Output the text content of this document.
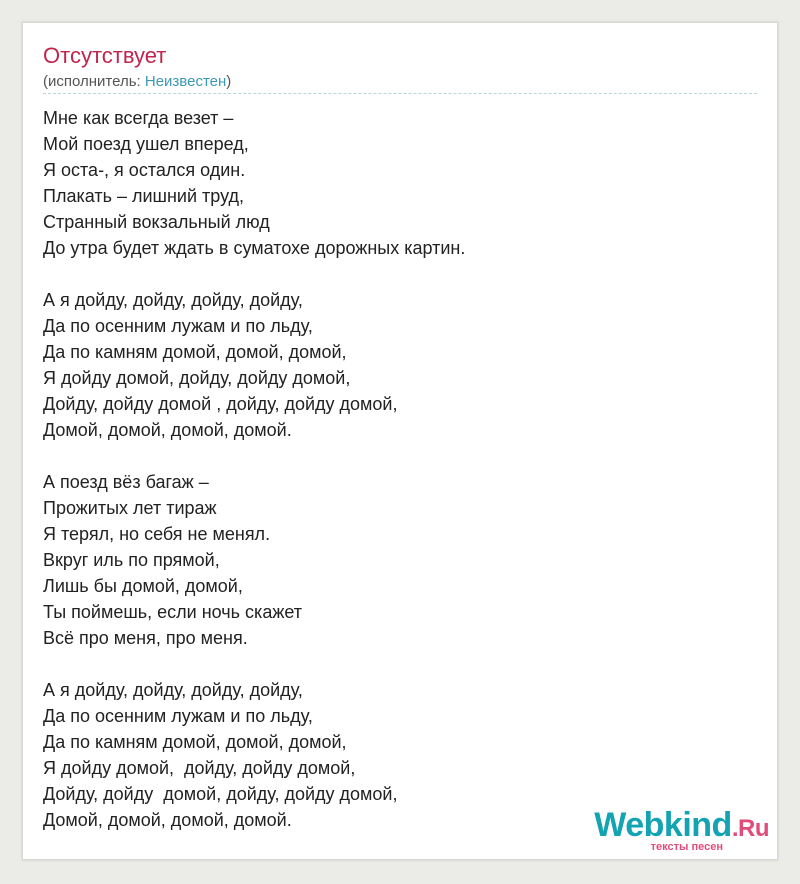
Отсутствует
(исполнитель: Неизвестен)
Мне как всегда везет –
Мой поезд ушел вперед,
Я оста-, я остался один.
Плакать – лишний труд,
Странный вокзальный люд
До утра будет ждать в суматохе дорожных картин.
А я дойду, дойду, дойду, дойду,
Да по осенним лужам и по льду,
Да по камням домой, домой, домой,
Я дойду домой, дойду, дойду домой,
Дойду, дойду домой , дойду, дойду домой,
Домой, домой, домой, домой.
А поезд вёз багаж –
Прожитых лет тираж
Я терял, но себя не менял.
Вкруг иль по прямой,
Лишь бы домой, домой,
Ты поймешь, если ночь скажет
Всё про меня, про меня.
А я дойду, дойду, дойду, дойду,
Да по осенним лужам и по льду,
Да по камням домой, домой, домой,
Я дойду домой,  дойду, дойду домой,
Дойду, дойду  домой, дойду, дойду домой,
Домой, домой, домой, домой.	Webkind.Ru
тексты песен
